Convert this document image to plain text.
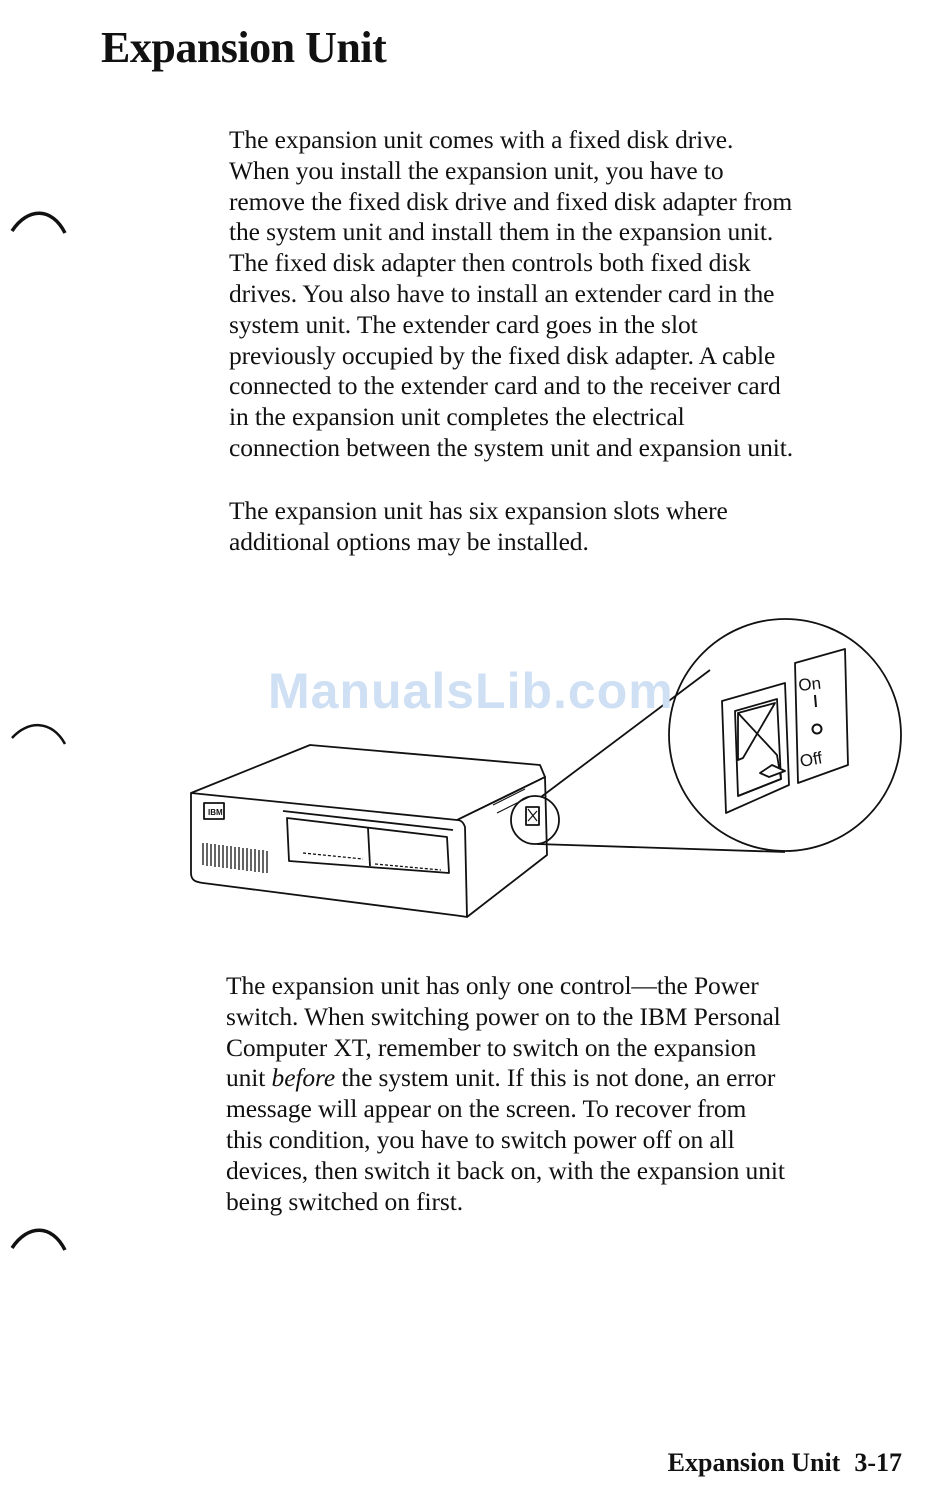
Expansion Unit
The expansion unit comes with a fixed disk drive.
When you install the expansion unit, you have to
remove the fixed disk drive and fixed disk adapter from
the system unit and install them in the expansion unit.
The fixed disk adapter then controls both fixed disk
drives. You also have to install an extender card in the
system unit. The extender card goes in the slot
previously occupied by the fixed disk adapter. A cable
connected to the extender card and to the receiver card
in the expansion unit completes the electrical
connection between the system unit and expansion unit.
The expansion unit has six expansion slots where
additional options may be installed.
IBM
On
Off
ManualsLib.com
The expansion unit has only one control—the Power
switch. When switching power on to the IBM Personal
Computer XT, remember to switch on the expansion
unit before the system unit. If this is not done, an error
message will appear on the screen. To recover from
this condition, you have to switch power off on all
devices, then switch it back on, with the expansion unit
being switched on first.
Expansion Unit 3-17
